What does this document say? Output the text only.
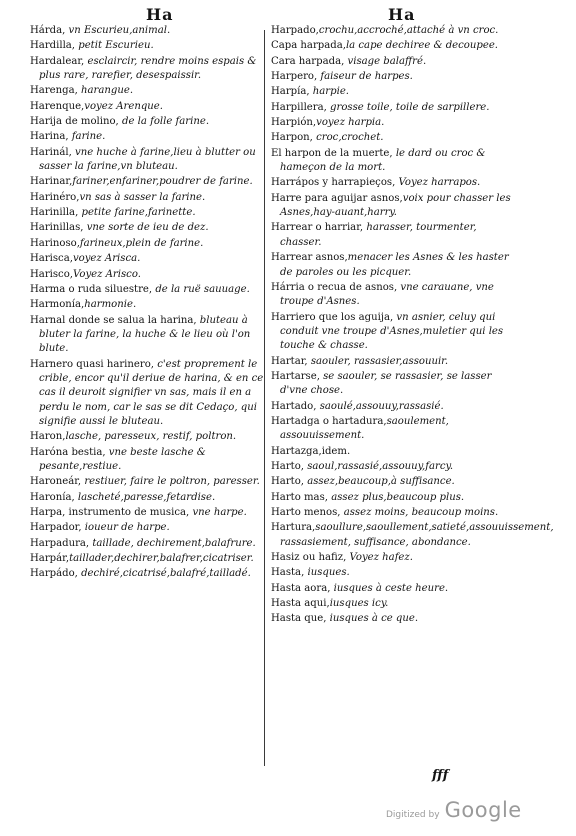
Ha	Ha
Hárda, vn Escurieu,animal.
Hardilla, petit Escurieu.
Hardalear, esclaircir, rendre moins espais & plus rare, rarefier, desespaissir.
Harenga, harangue.
Harenque,voyez Arenque.
Harija de molino, de la folle farine.
Harina, farine.
Harinál, vne huche à farine,lieu à blutter ou sasser la farine,vn bluteau.
Harinar,fariner,enfariner,poudrer de farine.
Harinéro,vn sas à sasser la farine.
Harinilla, petite farine,farinette.
Harinillas, vne sorte de ieu de dez.
Harinoso,farineux,plein de farine.
Harisca,voyez Arisca.
Harisco,Voyez Arisco.
Harma o ruda siluestre, de la ruë sauuage.
Harmonía,harmonie.
Harnal donde se salua la harina, bluteau à bluter la farine, la huche & le lieu où l'on blute.
Harnero quasi harinero, c'est proprement le crible, encor qu'il deriue de harina, & en ce cas il deuroit signifier vn sas, mais il en a perdu le nom, car le sas se dit Cedaço, qui signifie aussi le bluteau.
Haron,lasche, paresseux, restif, poltron.
Haróna bestia, vne beste lasche & pesante,restiue.
Haroneár, restiuer, faire le poltron, paresser.
Haronía, lascheté,paresse,fetardise.
Harpa, instrumento de musica, vne harpe.
Harpador, ioueur de harpe.
Harpadura, taillade, dechirement,balafrure.
Harpár,taillader,dechirer,balafrer,cicatriser.
Harpádo, dechiré,cicatrisé,balafré,tailladé.
Harpado,crochu,accroché,attaché à vn croc.
Capa harpada,la cape dechiree & decoupee.
Cara harpada, visage balaffré.
Harpero, faiseur de harpes.
Harpía, harpie.
Harpillera, grosse toile, toile de sarpillere.
Harpión,voyez harpia.
Harpon, croc,crochet.
El harpon de la muerte, le dard ou croc & hameçon de la mort.
Harrápos y harrapieços, Voyez harrapos.
Harre para aguijar asnos,voix pour chasser les Asnes,hay-auant,harry.
Harrear o harriar, harasser, tourmenter, chasser.
Harrear asnos,menacer les Asnes & les haster de paroles ou les picquer.
Hárria o recua de asnos, vne carauane, vne troupe d'Asnes.
Harriero que los aguija, vn asnier, celuy qui conduit vne troupe d'Asnes,muletier qui les touche & chasse.
Hartar, saouler, rassasier,assouuir.
Hartarse, se saouler, se rassasier, se lasser d'vne chose.
Hartado, saoulé,assouuy,rassasié.
Hartadga o hartadura,saoulement, assouuissement.
Hartazga,idem.
Harto, saoul,rassasié,assouuy,farcy.
Harto, assez,beaucoup,à suffisance.
Harto mas, assez plus,beaucoup plus.
Harto menos, assez moins, beaucoup moins.
Hartura,saoullure,saoullement,satieté,assouuissement, rassasiement, suffisance, abondance.
Hasiz ou hafiz, Voyez hafez.
Hasta, iusques.
Hasta aora, iusques à ceste heure.
Hasta aqui,iusques icy.
Hasta que, iusques à ce que.
fff
Digitized by Google
